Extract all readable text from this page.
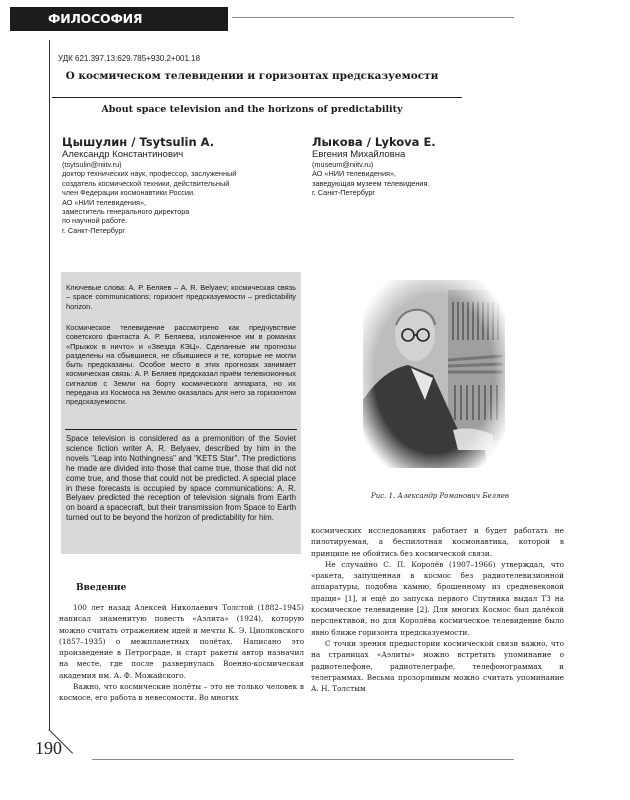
ФИЛОСОФИЯ ИНФОРМАЦИИ
190
УДК 621.397.13:629.785+930.2+001.18
О космическом телевидении и горизонтах предсказуемости
About space television and the horizons of predictability
Цышулин / Tsytsulin A.
Александр Константинович
(tsytsulin@niitv.ru)
доктор технических наук, профессор, заслуженный
создатель космической техники, действительный
член Федерации космонавтики России.
АО «НИИ телевидения»,
заместитель генерального директора
по научной работе.
г. Санкт-Петербург
Лыкова / Lykova E.
Евгения Михайловна
(museum@niitv.ru)
АО «НИИ телевидения»,
заведующая музеем телевидения.
г. Санкт-Петербург

Ключевые слова: А. Р. Беляев – A. R. Belyaev; космическая связь – space communications; горизонт предсказуемости – predictability horizon.

Космическое телевидение рассмотрено как предчувствие советского фантаста А. Р. Беляева, изложенное им в романах «Прыжок в ничто» и «Звезда КЭЦ». Сделанные им прогнозы разделены на сбывшиеся, не сбывшиеся и те, которые не могли быть предсказаны. Особое место в этих прогнозах занимает космическая связь: А. Р. Беляев предсказал приём телевизионных сигналов с Земли на борту космического аппарата, но их передача из Космоса на Землю оказалась для него за горизонтом предсказуемости.

Space television is considered as a premonition of the Soviet science fiction writer A. R. Belyaev, described by him in the novels "Leap into Nothingness" and "KETS Star". The predictions he made are divided into those that came true, those that did not come true, and those that could not be predicted. A special place in these forecasts is occupied by space communications: A. R. Belyaev predicted the reception of television signals from Earth on board a spacecraft, but their transmission from Space to Earth turned out to be beyond the horizon of predictability for him.

Рис. 1. Александр Романович Беляев
Введение

100 лет назад Алексей Николаевич Толстой (1882–1945) написал знаменитую повесть «Аэлита» (1924), которую можно считать отражением идей и мечты К. Э. Циолковского (1857–1935) о межпланетных полётах. Написано это произведение в Петрограде, и старт ракеты автор назначил на месте, где после развернулась Военно-космическая академия им. А. Ф. Можайского.

Важно, что космические полёты – это не только человек в космосе, его работа в невесомости. Во многих

космических исследованиях работает и будет работать не пилотируемая, а беспилотная космонавтика, которой в принципе не обойтись без космической связи.

Не случайно С. П. Королёв (1907–1966) утверждал, что «ракета, запущенная в космос без радиотелевизионной аппаратуры, подобна камню, брошенному из средневековой пращи» [1], и ещё до запуска первого Спутника выдал ТЗ на космическое телевидение [2]. Для многих Космос был далёкой перспективой, но для Королёва космическое телевидение было явно ближе горизонта предсказуемости.

С точки зрения предыстории космической связи важно, что на страницах «Аэлиты» можно встретить упоминание о радиотелефоне, радиотелеграфе, телефонограммах и телеграммах. Весьма прозорливым можно считать упоминание А. Н. Толстым
